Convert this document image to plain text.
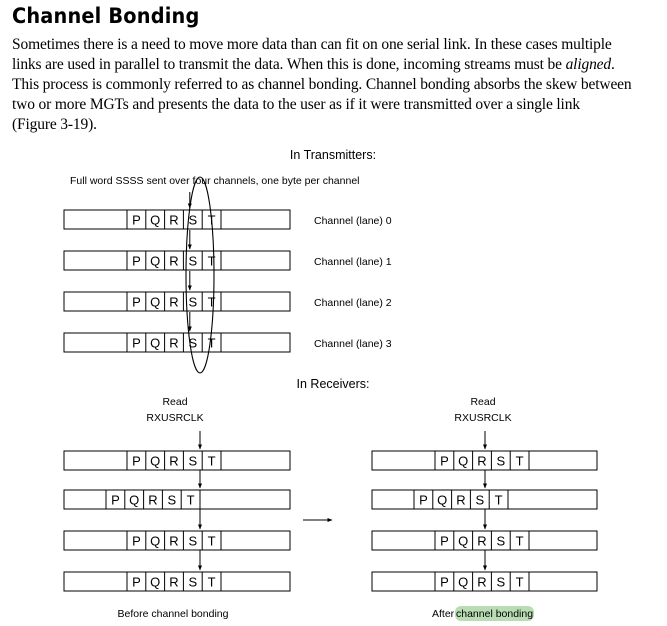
Channel Bonding
Sometimes there is a need to move more data than can fit on one serial link. In these cases multiple
links are used in parallel to transmit the data. When this is done, incoming streams must be aligned.
This process is commonly referred to as channel bonding. Channel bonding absorbs the skew between
two or more MGTs and presents the data to the user as if it were transmitted over a single link
(Figure 3-19).
In Transmitters:
Full word SSSS sent over four channels, one byte per channel
P Q R S T	Channel (lane) 0
P Q R S T	Channel (lane) 1
P Q R S T	Channel (lane) 2
P Q R S T	Channel (lane) 3
In Receivers:
Read
RXUSRCLK
P Q R S T
P Q R S T
P Q R S T
P Q R S T
Before channel bonding
Read
RXUSRCLK
P Q R S T
P Q R S T
P Q R S T
P Q R S T
After channel bonding
